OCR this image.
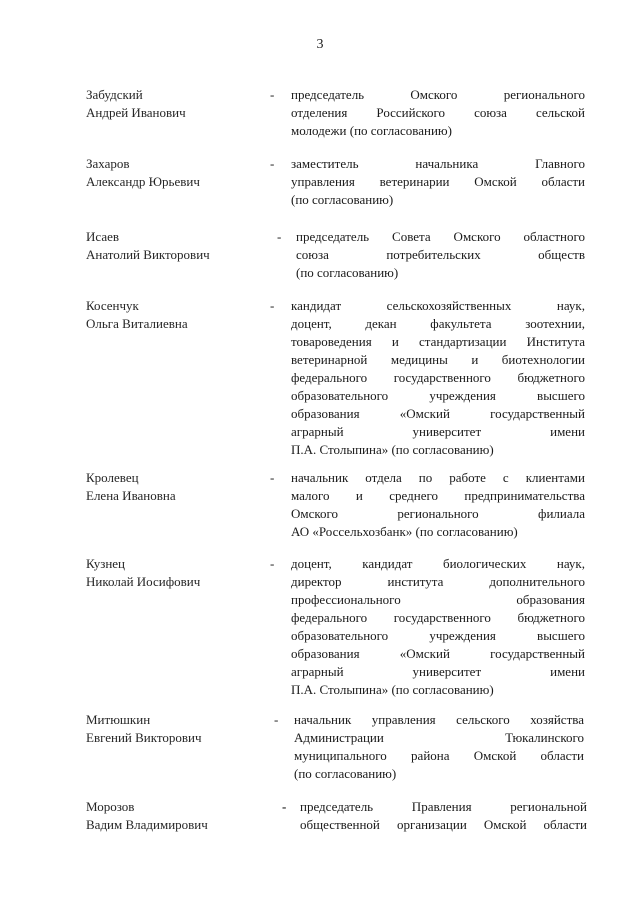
3
Забудский
Андрей Иванович
- председатель Омского регионального
отделения Российского союза сельской
молодежи (по согласованию)
Захаров
Александр Юрьевич
- заместитель начальника Главного
управления ветеринарии Омской области
(по согласованию)
Исаев
Анатолий Викторович
- председатель Совета Омского областного
союза потребительских обществ
(по согласованию)
Косенчук
Ольга Виталиевна
- кандидат сельскохозяйственных наук,
доцент, декан факультета зоотехнии,
товароведения и стандартизации Института
ветеринарной медицины и биотехнологии
федерального государственного бюджетного
образовательного учреждения высшего
образования «Омский государственный
аграрный университет имени
П.А. Столыпина» (по согласованию)
Кролевец
Елена Ивановна
- начальник отдела по работе с клиентами
малого и среднего предпринимательства
Омского регионального филиала
АО «Россельхозбанк» (по согласованию)
Кузнец
Николай Иосифович
- доцент, кандидат биологических наук,
директор института дополнительного
профессионального образования
федерального государственного бюджетного
образовательного учреждения высшего
образования «Омский государственный
аграрный университет имени
П.А. Столыпина» (по согласованию)
Митюшкин
Евгений Викторович
- начальник управления сельского хозяйства
Администрации Тюкалинского
муниципального района Омской области
(по согласованию)
Морозов
Вадим Владимирович
- председатель Правления региональной
общественной организации Омской области
